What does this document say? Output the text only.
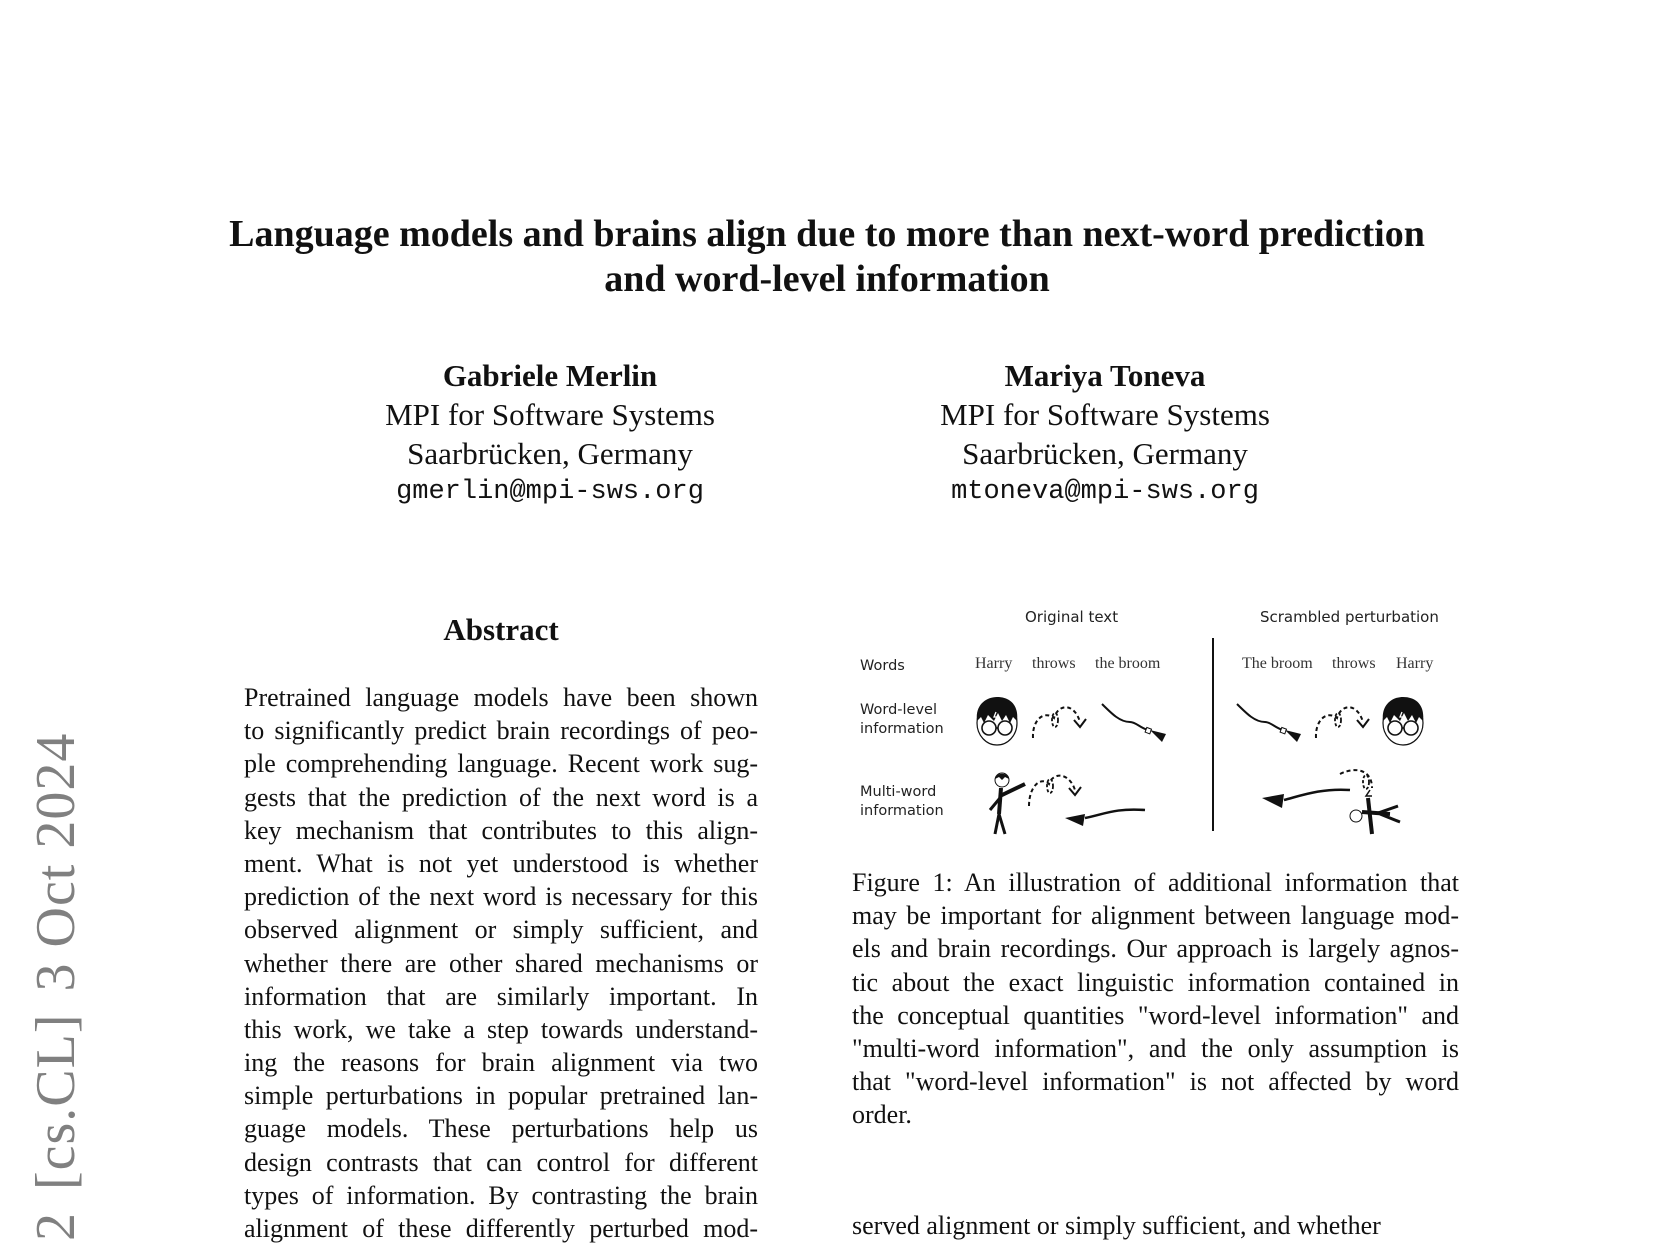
2
[cs.CL]
3 Oct 2024
Language models and brains align due to more than next-word prediction
and word-level information
Gabriele Merlin
MPI for Software Systems
Saarbrücken, Germany
gmerlin@mpi-sws.org
Mariya Toneva
MPI for Software Systems
Saarbrücken, Germany
mtoneva@mpi-sws.org
Abstract
Pretrained language models have been shown
to significantly predict brain recordings of peo-
ple comprehending language. Recent work sug-
gests that the prediction of the next word is a
key mechanism that contributes to this align-
ment. What is not yet understood is whether
prediction of the next word is necessary for this
observed alignment or simply sufficient, and
whether there are other shared mechanisms or
information that are similarly important. In
this work, we take a step towards understand-
ing the reasons for brain alignment via two
simple perturbations in popular pretrained lan-
guage models. These perturbations help us
design contrasts that can control for different
types of information. By contrasting the brain
alignment of these differently perturbed mod-
Original text	Scrambled perturbation
Words
Word-level
information
Multi-word
information
Harry throws the broom	The broom throws Harry
Figure 1: An illustration of additional information that
may be important for alignment between language mod-
els and brain recordings. Our approach is largely agnos-
tic about the exact linguistic information contained in
the conceptual quantities "word-level information" and
"multi-word information", and the only assumption is
that "word-level information" is not affected by word
order.
served alignment or simply sufficient, and whether
